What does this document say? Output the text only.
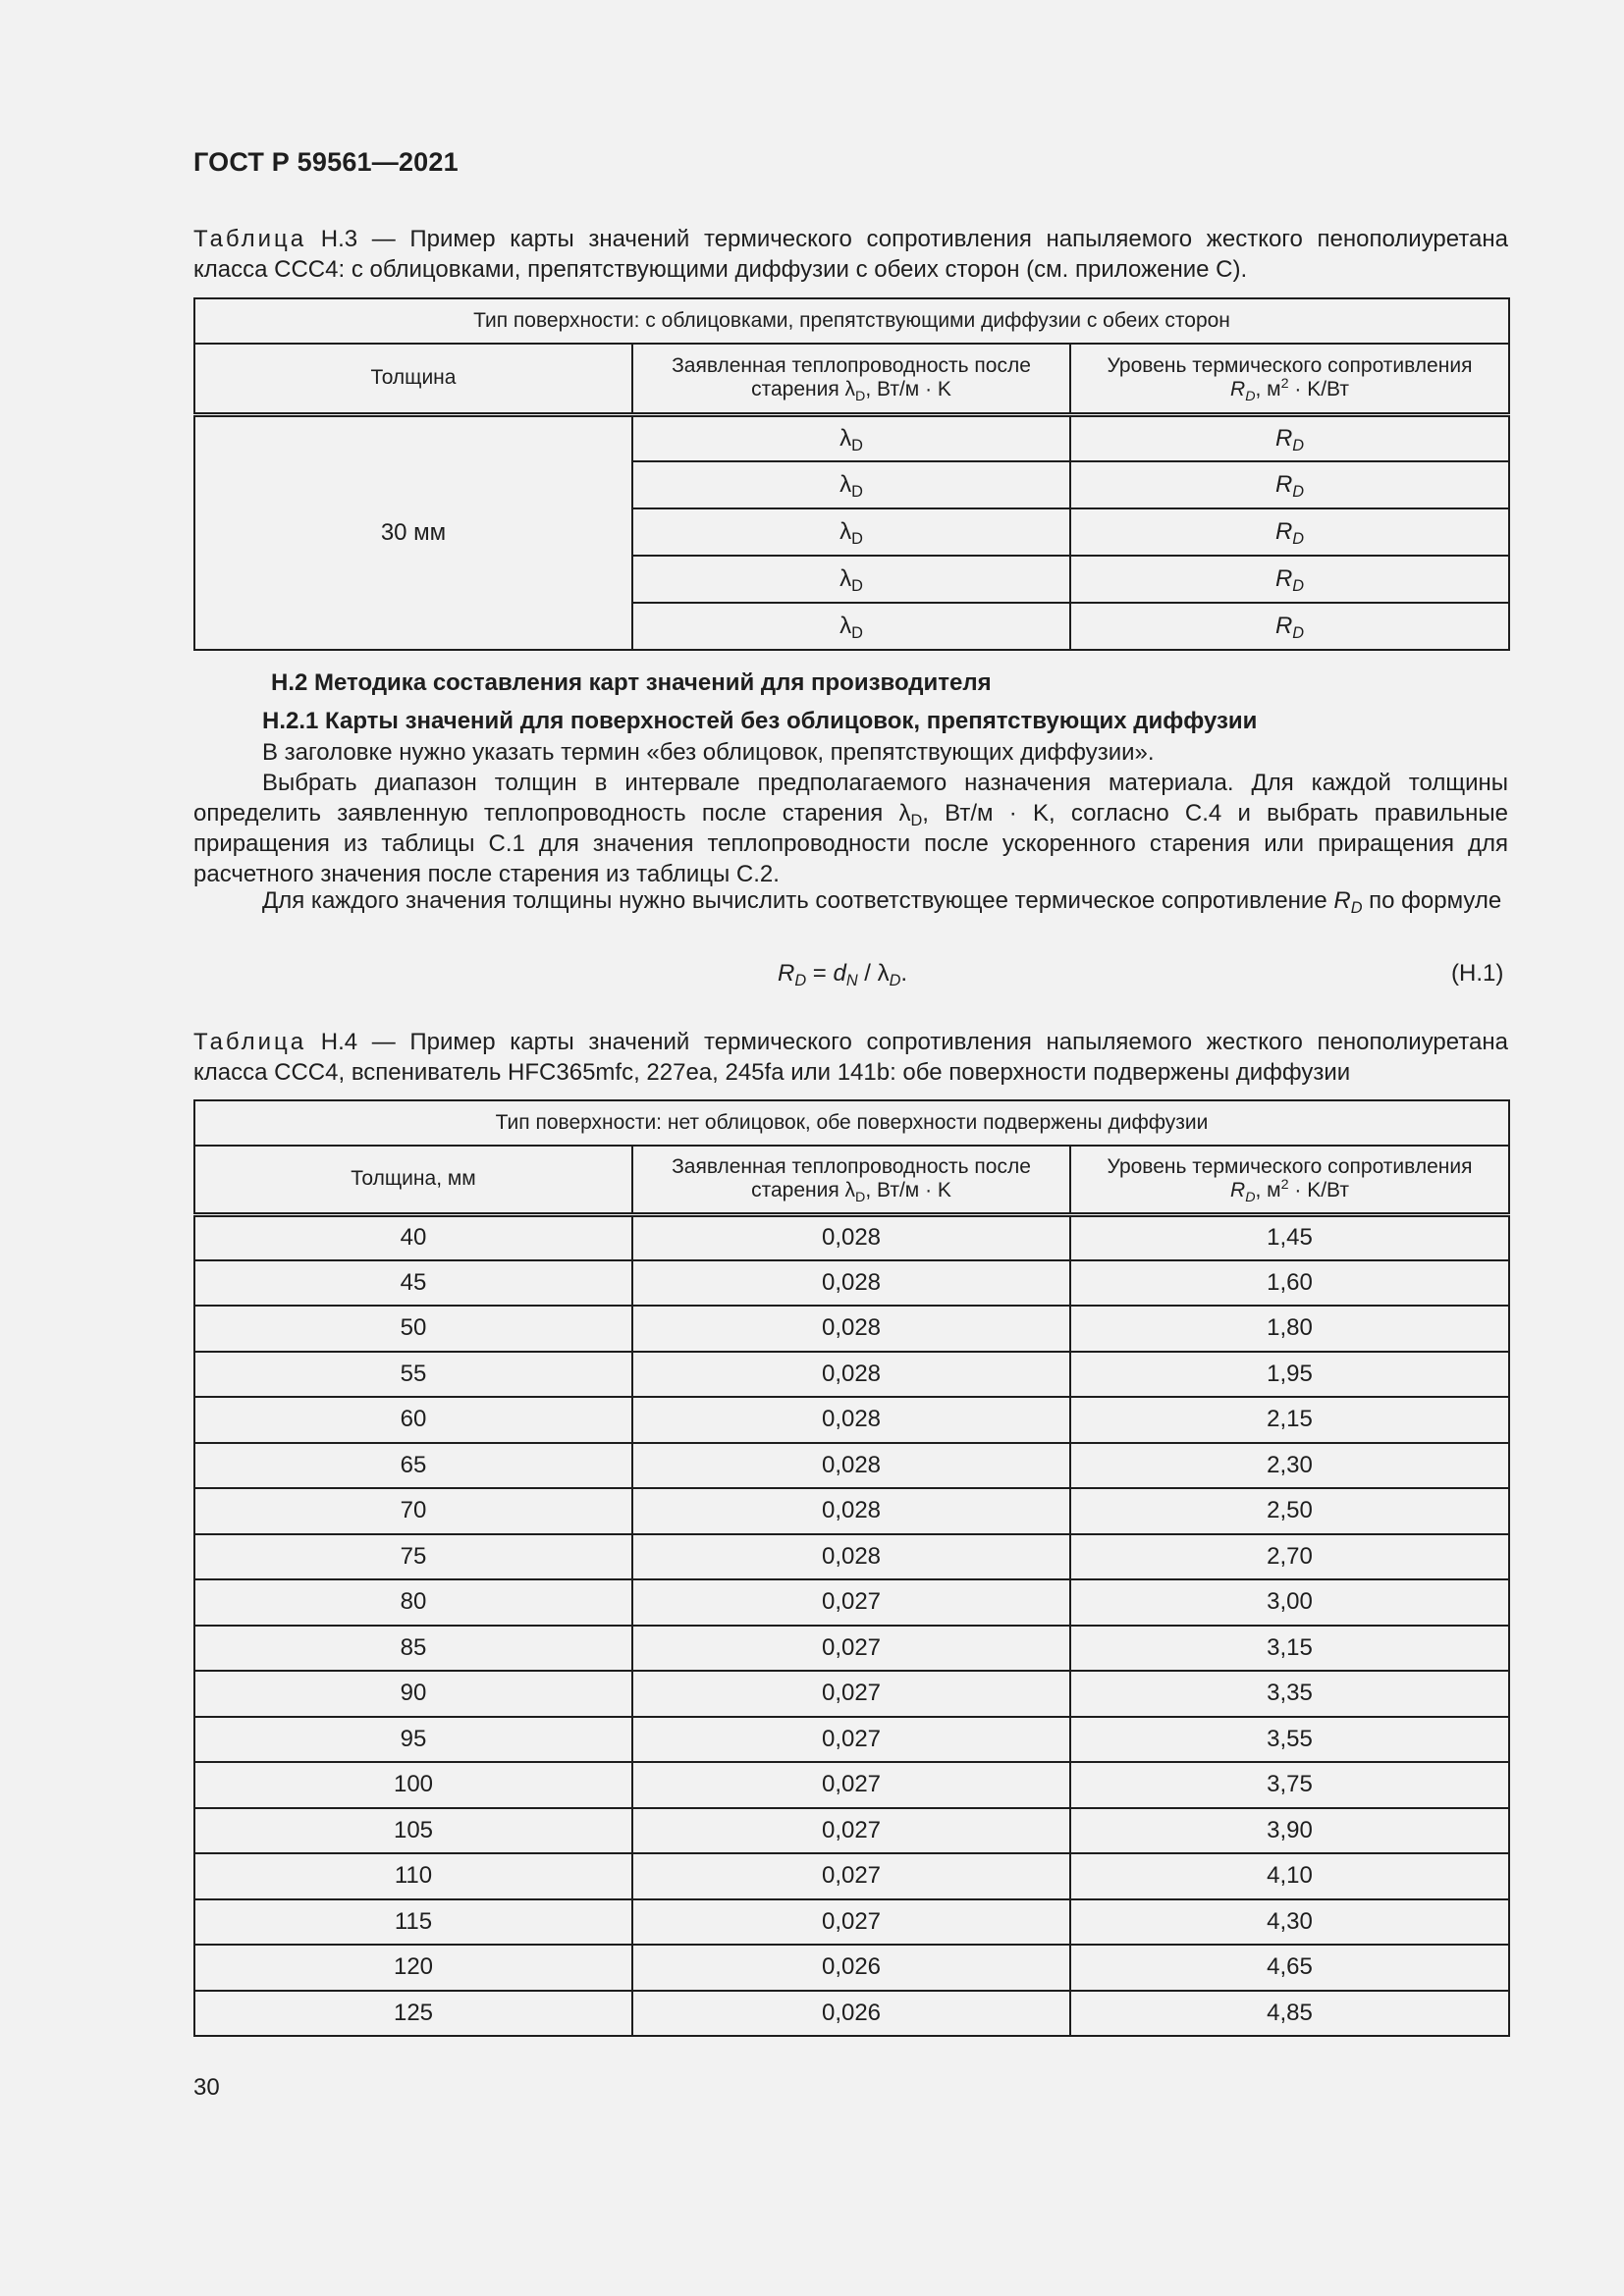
ГОСТ Р 59561—2021
Таблица Н.3 — Пример карты значений термического сопротивления напыляемого жесткого пенополиуретана класса ССС4: с облицовками, препятствующими диффузии с обеих сторон (см. приложение С).
Тип поверхности: с облицовками, препятствующими диффузии с обеих сторон		
Толщина	Заявленная теплопроводность после старения $\lambda_D$, Вт/м · K	Уровень термического сопротивления
$R_D$, $м^2 \cdot K/Вт$
30 мм	$\lambda_D$	$R_D$
	$\lambda_D$	$R_D$
	$\lambda_D$	$R_D$
	$\lambda_D$	$R_D$
	$\lambda_D$	$R_D$
Н.2 Методика составления карт значений для производителя
Н.2.1 Карты значений для поверхностей без облицовок, препятствующих диффузии
В заголовке нужно указать термин «без облицовок, препятствующих диффузии».
Выбрать диапазон толщин в интервале предполагаемого назначения материала. Для каждой толщины определить заявленную теплопроводность после старения $\lambda_D$, Вт/м · K, согласно С.4 и выбрать правильные приращения из таблицы С.1 для значения теплопроводности после ускоренного старения или приращения для расчетного значения после старения из таблицы С.2.
Для каждого значения толщины нужно вычислить соответствующее термическое сопротивление $R_D$ по формуле
$R_D = d_N / \lambda_D$.	(Н.1)
Таблица Н.4 — Пример карты значений термического сопротивления напыляемого жесткого пенополиуретана класса ССС4, вспениватель HFC365mfc, 227ea, 245fa или 141b: обе поверхности подвержены диффузии
Тип поверхности: нет облицовок, обе поверхности подвержены диффузии		
Толщина, мм	Заявленная теплопроводность после старения $\lambda_D$, Вт/м · K	Уровень термического сопротивления
$R_D$, $м^2 \cdot K/Вт$
40	0,028	1,45
45	0,028	1,60
50	0,028	1,80
55	0,028	1,95
60	0,028	2,15
65	0,028	2,30
70	0,028	2,50
75	0,028	2,70
80	0,027	3,00
85	0,027	3,15
90	0,027	3,35
95	0,027	3,55
100	0,027	3,75
105	0,027	3,90
110	0,027	4,10
115	0,027	4,30
120	0,026	4,65
125	0,026	4,85
30
